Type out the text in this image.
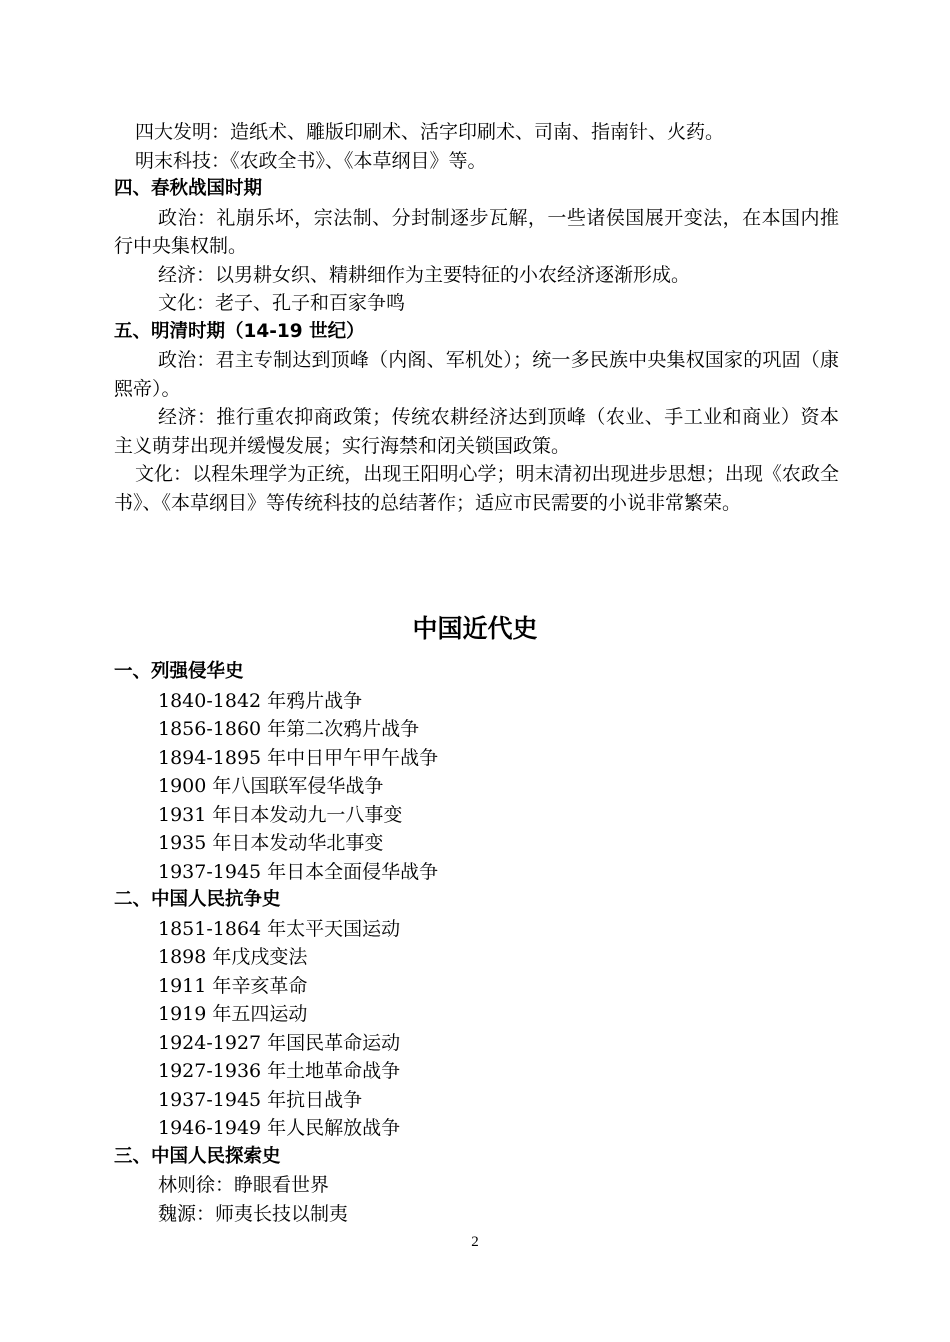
四大发明：造纸术、雕版印刷术、活字印刷术、司南、指南针、火药。
明末科技：《农政全书》、《本草纲目》等。
四、春秋战国时期
政治：礼崩乐坏，宗法制、分封制逐步瓦解，一些诸侯国展开变法，在本国内推行中央集权制。
经济：以男耕女织、精耕细作为主要特征的小农经济逐渐形成。
文化：老子、孔子和百家争鸣
五、明清时期（14-19 世纪）
政治：君主专制达到顶峰（内阁、军机处）；统一多民族中央集权国家的巩固（康熙帝）。
经济：推行重农抑商政策；传统农耕经济达到顶峰（农业、手工业和商业）资本主义萌芽出现并缓慢发展；实行海禁和闭关锁国政策。
文化：以程朱理学为正统，出现王阳明心学；明末清初出现进步思想；出现《农政全书》、《本草纲目》等传统科技的总结著作；适应市民需要的小说非常繁荣。
中国近代史
一、列强侵华史
1840-1842 年鸦片战争
1856-1860 年第二次鸦片战争
1894-1895 年中日甲午甲午战争
1900 年八国联军侵华战争
1931 年日本发动九一八事变
1935 年日本发动华北事变
1937-1945 年日本全面侵华战争
二、中国人民抗争史
1851-1864 年太平天国运动
1898 年戊戌变法
1911 年辛亥革命
1919 年五四运动
1924-1927 年国民革命运动
1927-1936 年土地革命战争
1937-1945 年抗日战争
1946-1949 年人民解放战争
三、中国人民探索史
林则徐：睁眼看世界
魏源：师夷长技以制夷
2
